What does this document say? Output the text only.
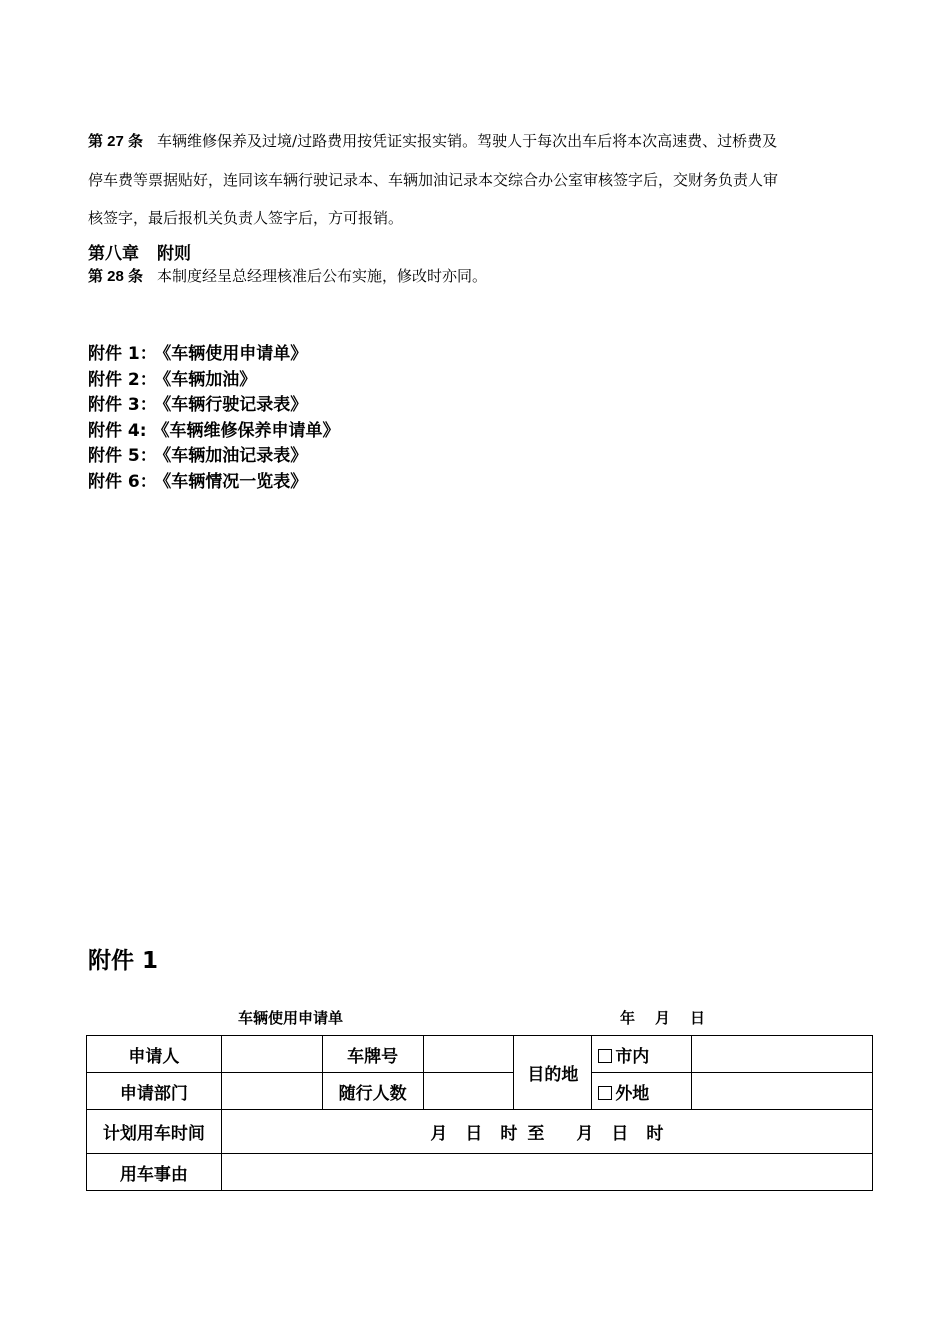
第 27 条 车辆维修保养及过境/过路费用按凭证实报实销。驾驶人于每次出车后将本次高速费、过桥费及

停车费等票据贴好，连同该车辆行驶记录本、车辆加油记录本交综合办公室审核签字后，交财务负责人审

核签字，最后报机关负责人签字后，方可报销。

第八章 附则
第 28 条 本制度经呈总经理核准后公布实施，修改时亦同。
附件 1： 《车辆使用申请单》
附件 2： 《车辆加油》
附件 3： 《车辆行驶记录表》
附件 4: 《车辆维修保养申请单》
附件 5： 《车辆加油记录表》
附件 6： 《车辆情况一览表》
附件 1
车辆使用申请单	年 月 日
申请人		车牌号		目的地	市内	
申请部门		随行人数			外地	
计划用车时间	月 日 时 至 月 日 时					
用车事由						
